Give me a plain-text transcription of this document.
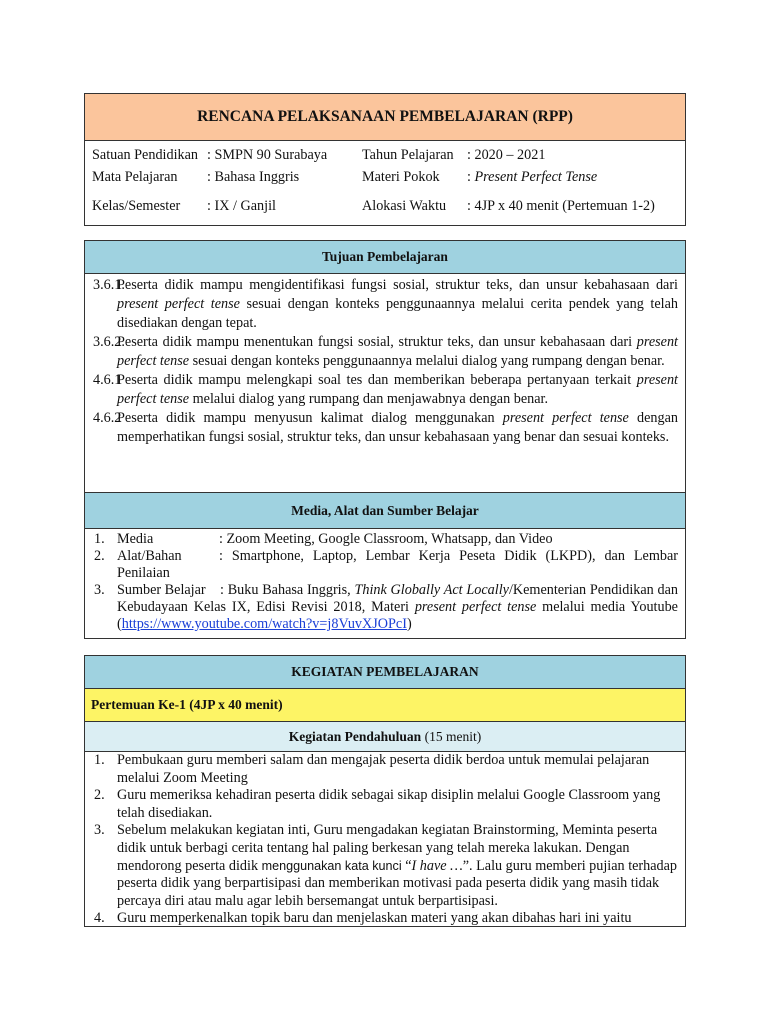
RENCANA PELAKSANAAN PEMBELAJARAN (RPP)
Satuan Pendidikan : SMPN 90 Surabaya Tahun Pelajaran : 2020 – 2021
Mata Pelajaran : Bahasa Inggris	Materi Pokok : Present Perfect Tense
Kelas/Semester : IX / Ganjil	Alokasi Waktu : 4JP x 40 menit (Pertemuan 1-2)
Tujuan Pembelajaran
3.6.1.
Peserta didik mampu mengidentifikasi fungsi sosial, struktur teks, dan unsur kebahasaan dari present perfect tense sesuai dengan konteks penggunaannya melalui cerita pendek yang telah disediakan dengan tepat.
3.6.2.
Peserta didik mampu menentukan fungsi sosial, struktur teks, dan unsur kebahasaan dari present perfect tense sesuai dengan konteks penggunaannya melalui dialog yang rumpang dengan benar.
4.6.1
Peserta didik mampu melengkapi soal tes dan memberikan beberapa pertanyaan terkait present perfect tense melalui dialog yang rumpang dan menjawabnya dengan benar.
4.6.2
Peserta didik mampu menyusun kalimat dialog menggunakan present perfect tense dengan memperhatikan fungsi sosial, struktur teks, dan unsur kebahasaan yang benar dan sesuai konteks.
Media, Alat dan Sumber Belajar
1. Media	: Zoom Meeting, Google Classroom, Whatsapp, dan Video
2. Alat/Bahan	: Smartphone, Laptop, Lembar Kerja Peseta Didik (LKPD), dan Lembar Penilaian
3. Sumber Belajar : Buku Bahasa Inggris, Think Globally Act Locally/Kementerian Pendidikan dan Kebudayaan Kelas IX, Edisi Revisi 2018, Materi present perfect tense melalui media Youtube (https://www.youtube.com/watch?v=j8VuvXJOPcI)
KEGIATAN PEMBELAJARAN
Pertemuan Ke-1 (4JP x 40 menit)
Kegiatan Pendahuluan (15 menit)
1. Pembukaan guru memberi salam dan mengajak peserta didik berdoa untuk memulai pelajaran melalui Zoom Meeting
2. Guru memeriksa kehadiran peserta didik sebagai sikap disiplin melalui Google Classroom yang telah disediakan.
3. Sebelum melakukan kegiatan inti, Guru mengadakan kegiatan Brainstorming, Meminta peserta didik untuk berbagi cerita tentang hal paling berkesan yang telah mereka lakukan. Dengan mendorong peserta didik menggunakan kata kunci “I have …”. Lalu guru memberi pujian terhadap peserta didik yang berpartisipasi dan memberikan motivasi pada peserta didik yang masih tidak percaya diri atau malu agar lebih bersemangat untuk berpartisipasi.
4. Guru memperkenalkan topik baru dan menjelaskan materi yang akan dibahas hari ini yaitu
